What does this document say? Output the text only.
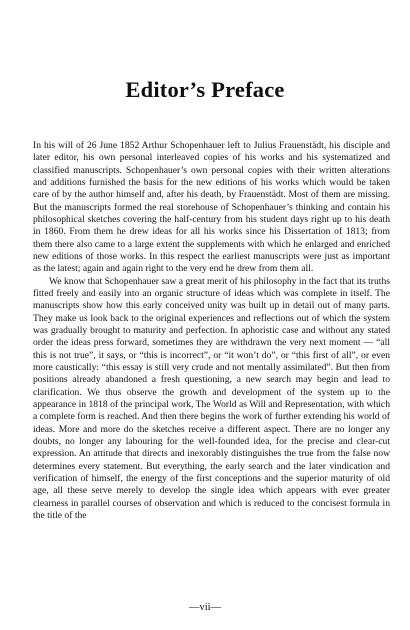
Editor’s Preface

In his will of 26 June 1852 Arthur Schopenhauer left to Julius Frauenstädt, his disciple and later editor, his own personal interleaved copies of his works and his systematized and classified manuscripts. Schopenhauer’s own personal copies with their written alterations and additions furnished the basis for the new editions of his works which would be taken care of by the author himself and, after his death, by Frauenstädt. Most of them are missing. But the manuscripts formed the real storehouse of Schopenhauer’s thinking and contain his philosophical sketches covering the half-century from his student days right up to his death in 1860. From them he drew ideas for all his works since his Dissertation of 1813; from them there also came to a large extent the supplements with which he enlarged and enriched new editions of those works. In this respect the earliest manuscripts were just as important as the latest; again and again right to the very end he drew from them all.

We know that Schopenhauer saw a great merit of his philosophy in the fact that its truths fitted freely and easily into an organic structure of ideas which was complete in itself. The manuscripts show how this early conceived unity was built up in detail out of many parts. They make us look back to the original experiences and reflections out of which the system was gradually brought to maturity and perfection. In aphoristic case and without any stated order the ideas press forward, sometimes they are withdrawn the very next moment — “all this is not true”, it says, or “this is incorrect”, or “it won’t do”, or “this first of all”, or even more caustically: “this essay is still very crude and not mentally assimilated”. But then from positions already abandoned a fresh questioning, a new search may begin and lead to clarification. We thus observe the growth and development of the system up to the appearance in 1818 of the principal work, The World as Will and Representation, with which a complete form is reached. And then there begins the work of further extending his world of ideas. More and more do the sketches receive a different aspect. There are no longer any doubts, no longer any labouring for the well-founded idea, for the precise and clear-cut expression. An attitude that directs and inexorably distinguishes the true from the false now determines every statement. But everything, the early search and the later vindication and verification of himself, the energy of the first conceptions and the superior maturity of old age, all these serve merely to develop the single idea which appears with ever greater clearness in parallel courses of observation and which is reduced to the concisest formula in the title of the

—vii—
